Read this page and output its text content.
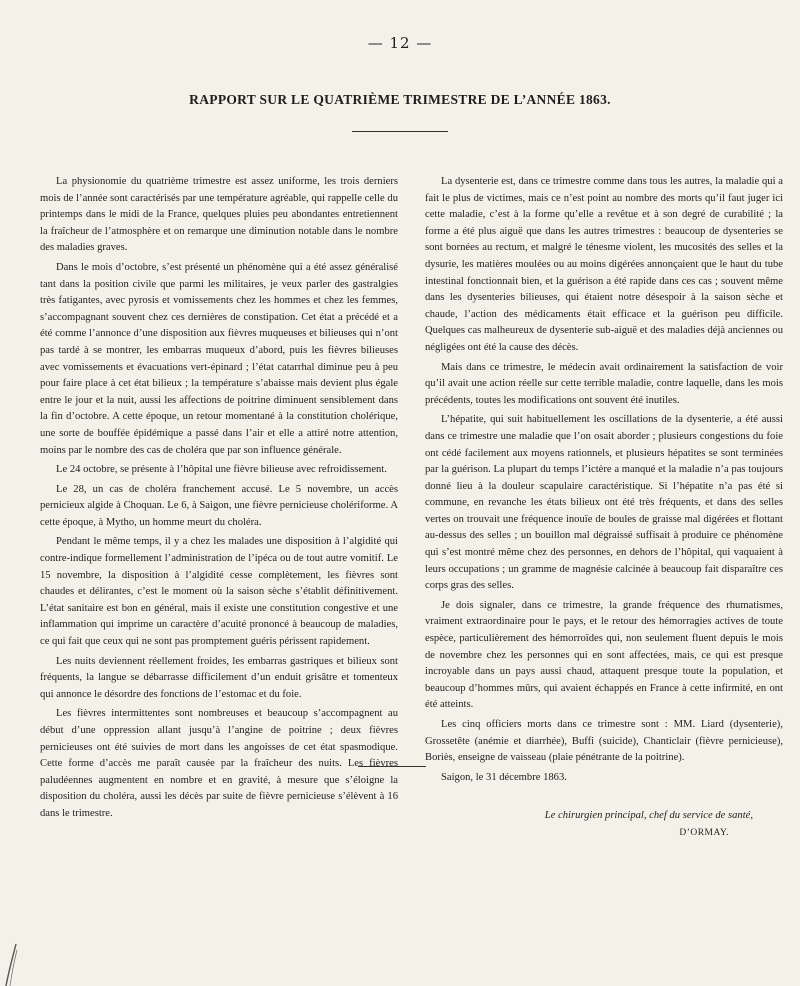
— 12 —
RAPPORT SUR LE QUATRIÈME TRIMESTRE DE L’ANNÉE 1863.

La physionomie du quatrième trimestre est assez uniforme, les trois derniers mois de l’année sont caractérisés par une température agréable, qui rappelle celle du printemps dans le midi de la France, quelques pluies peu abondantes entretiennent la fraîcheur de l’atmosphère et on remarque une diminution notable dans le nombre des maladies graves.

Dans le mois d’octobre, s’est présenté un phénomène qui a été assez généralisé tant dans la position civile que parmi les militaires, je veux parler des gastralgies très fatigantes, avec pyrosis et vomissements chez les hommes et chez les femmes, s’accompagnant souvent chez ces dernières de constipation. Cet état a précédé et a été comme l’annonce d’une disposition aux fièvres muqueuses et bilieuses qui n’ont pas tardé à se montrer, les embarras muqueux d’abord, puis les fièvres bilieuses avec vomissements et évacuations vert-épinard ; l’état catarrhal diminue peu à peu pour faire place à cet état bilieux ; la température s’abaisse mais devient plus égale entre le jour et la nuit, aussi les affections de poitrine diminuent sensiblement dans la fin d’octobre. A cette époque, un retour momentané à la constitution cholérique, une sorte de bouffée épidémique a passé dans l’air et elle a attiré notre attention, moins par le nombre des cas de choléra que par son influence générale.

Le 24 octobre, se présente à l’hôpital une fièvre bilieuse avec refroidissement.

Le 28, un cas de choléra franchement accusé. Le 5 novembre, un accès pernicieux algide à Choquan. Le 6, à Saigon, une fièvre pernicieuse cholériforme. A cette époque, à Mytho, un homme meurt du choléra.

Pendant le même temps, il y a chez les malades une disposition à l’algidité qui contre-indique formellement l’administration de l’ipéca ou de tout autre vomitif. Le 15 novembre, la disposition à l’algidité cesse complètement, les fièvres sont chaudes et délirantes, c’est le moment où la saison sèche s’établit définitivement. L’état sanitaire est bon en général, mais il existe une constitution congestive et une inflammation qui imprime un caractère d’acuité prononcé à beaucoup de maladies, ce qui fait que ceux qui ne sont pas promptement guéris périssent rapidement.

Les nuits deviennent réellement froides, les embarras gastriques et bilieux sont fréquents, la langue se débarrasse difficilement d’un enduit grisâtre et tomenteux qui annonce le désordre des fonctions de l’estomac et du foie.

Les fièvres intermittentes sont nombreuses et beaucoup s’accompagnent au début d’une oppression allant jusqu’à l’angine de poitrine ; deux fièvres pernicieuses ont été suivies de mort dans les angoisses de cet état spasmodique. Cette forme d’accès me paraît causée par la fraîcheur des nuits. Les fièvres paludéennes augmentent en nombre et en gravité, à mesure que s’éloigne la disposition du choléra, aussi les décès par suite de fièvre pernicieuse s’élèvent à 16 dans le trimestre.

La dysenterie est, dans ce trimestre comme dans tous les autres, la maladie qui a fait le plus de victimes, mais ce n’est point au nombre des morts qu’il faut juger ici cette maladie, c’est à la forme qu’elle a revêtue et à son degré de curabilité ; la forme a été plus aiguë que dans les autres trimestres : beaucoup de dysenteries se sont bornées au rectum, et malgré le ténesme violent, les mucosités des selles et la dysurie, les matières moulées ou au moins digérées annonçaient que le haut du tube intestinal fonctionnait bien, et la guérison a été rapide dans ces cas ; souvent même dans les dysenteries bilieuses, qui étaient notre désespoir à la saison sèche et chaude, l’action des médicaments était efficace et la guérison peu difficile. Quelques cas malheureux de dysenterie sub-aiguë et des maladies déjà anciennes ou négligées ont été la cause des décès.

Mais dans ce trimestre, le médecin avait ordinairement la satisfaction de voir qu’il avait une action réelle sur cette terrible maladie, contre laquelle, dans les mois précédents, toutes les modifications ont souvent été inutiles.

L’hépatite, qui suit habituellement les oscillations de la dysenterie, a été aussi dans ce trimestre une maladie que l’on osait aborder ; plusieurs congestions du foie ont cédé facilement aux moyens rationnels, et plusieurs hépatites se sont terminées par la guérison. La plupart du temps l’ictère a manqué et la maladie n’a pas toujours donné lieu à la douleur scapulaire caractéristique. Si l’hépatite n’a pas été si commune, en revanche les états bilieux ont été très fréquents, et dans des selles vertes on trouvait une fréquence inouïe de boules de graisse mal digérées et flottant au-dessus des selles ; un bouillon mal dégraissé suffisait à produire ce phénomène qui s’est montré même chez des personnes, en dehors de l’hôpital, qui vaquaient à leurs occupations ; un gramme de magnésie calcinée à beaucoup fait disparaître ces corps gras des selles.

Je dois signaler, dans ce trimestre, la grande fréquence des rhumatismes, vraiment extraordinaire pour le pays, et le retour des hémorragies actives de toute espèce, particulièrement des hémorroïdes qui, non seulement fluent depuis le mois de novembre chez les personnes qui en sont affectées, mais, ce qui est presque incroyable dans un pays aussi chaud, attaquent presque toute la population, et beaucoup d’hommes mûrs, qui avaient échappés en France à cette infirmité, en ont été atteints.

Les cinq officiers morts dans ce trimestre sont : MM. Liard (dysenterie), Grossetête (anémie et diarrhée), Buffi (suicide), Chanticlair (fièvre pernicieuse), Boriès, enseigne de vaisseau (plaie pénétrante de la poitrine).

Saigon, le 31 décembre 1863.

Le chirurgien principal, chef du service de santé,
D’ORMAY.
